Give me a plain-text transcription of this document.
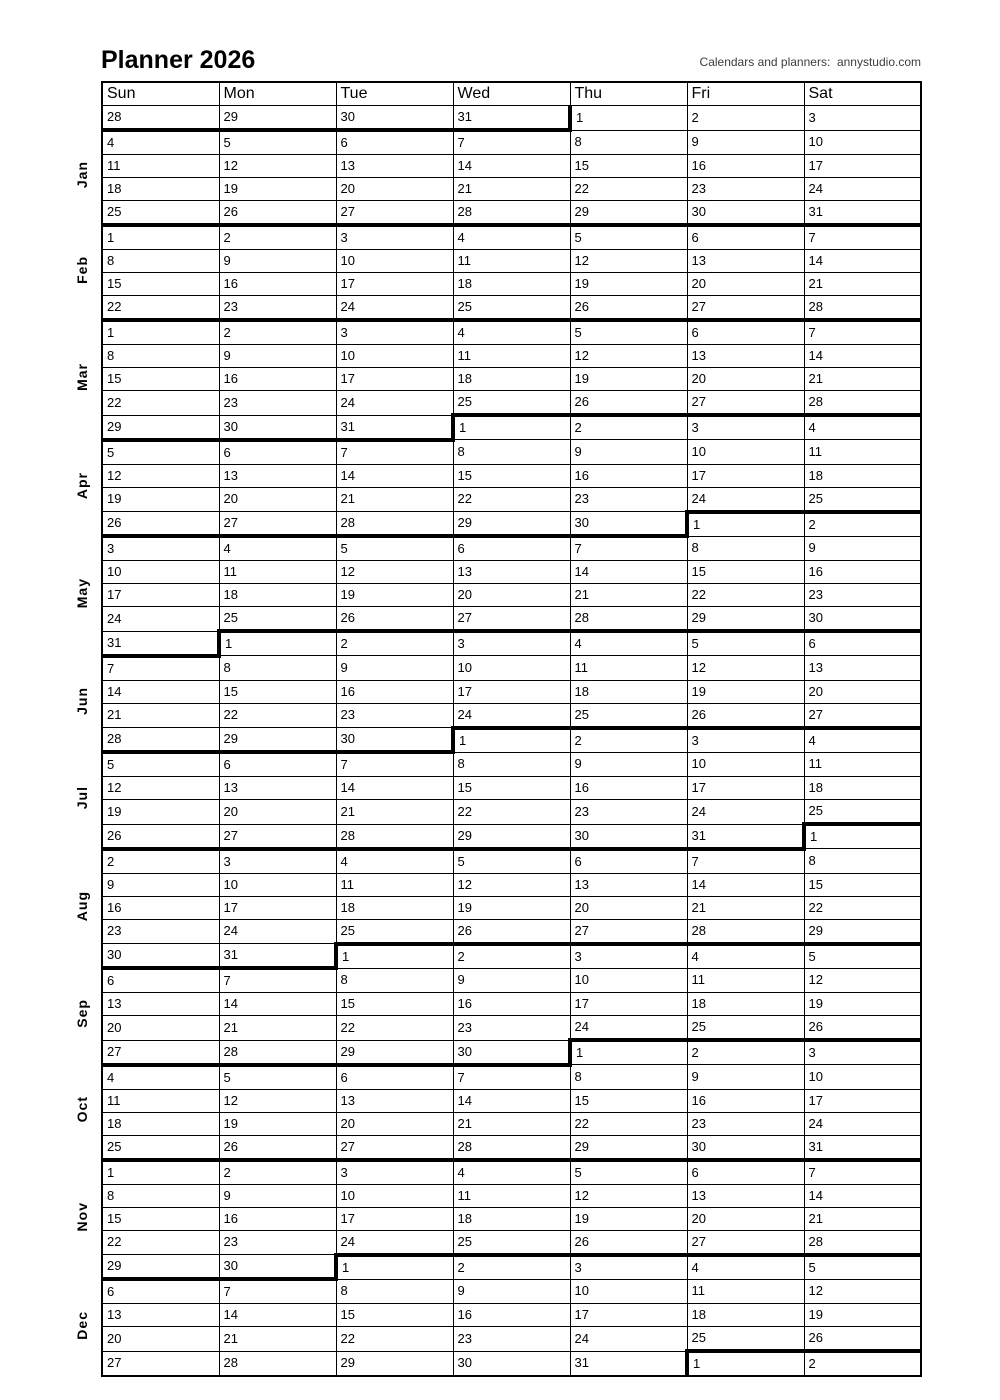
Planner 2026	Calendars and planners:  annystudio.com
	Sun	Mon	Tue	Wed	Thu	Fri	Sat
	28	29	30	31	1	2	3
Jan	4	5	6	7	8	9	10
	11	12	13	14	15	16	17
	18	19	20	21	22	23	24
	25	26	27	28	29	30	31
Feb	1	2	3	4	5	6	7
	8	9	10	11	12	13	14
	15	16	17	18	19	20	21
	22	23	24	25	26	27	28
Mar	1	2	3	4	5	6	7
	8	9	10	11	12	13	14
	15	16	17	18	19	20	21
	22	23	24	25	26	27	28
	29	30	31	1	2	3	4
Apr	5	6	7	8	9	10	11
	12	13	14	15	16	17	18
	19	20	21	22	23	24	25
	26	27	28	29	30	1	2
May	3	4	5	6	7	8	9
	10	11	12	13	14	15	16
	17	18	19	20	21	22	23
	24	25	26	27	28	29	30
	31	1	2	3	4	5	6
Jun	7	8	9	10	11	12	13
	14	15	16	17	18	19	20
	21	22	23	24	25	26	27
	28	29	30	1	2	3	4
Jul	5	6	7	8	9	10	11
	12	13	14	15	16	17	18
	19	20	21	22	23	24	25
	26	27	28	29	30	31	1
Aug	2	3	4	5	6	7	8
	9	10	11	12	13	14	15
	16	17	18	19	20	21	22
	23	24	25	26	27	28	29
	30	31	1	2	3	4	5
Sep	6	7	8	9	10	11	12
	13	14	15	16	17	18	19
	20	21	22	23	24	25	26
	27	28	29	30	1	2	3
Oct	4	5	6	7	8	9	10
	11	12	13	14	15	16	17
	18	19	20	21	22	23	24
	25	26	27	28	29	30	31
Nov	1	2	3	4	5	6	7
	8	9	10	11	12	13	14
	15	16	17	18	19	20	21
	22	23	24	25	26	27	28
	29	30	1	2	3	4	5
Dec	6	7	8	9	10	11	12
	13	14	15	16	17	18	19
	20	21	22	23	24	25	26
	27	28	29	30	31	1	2
